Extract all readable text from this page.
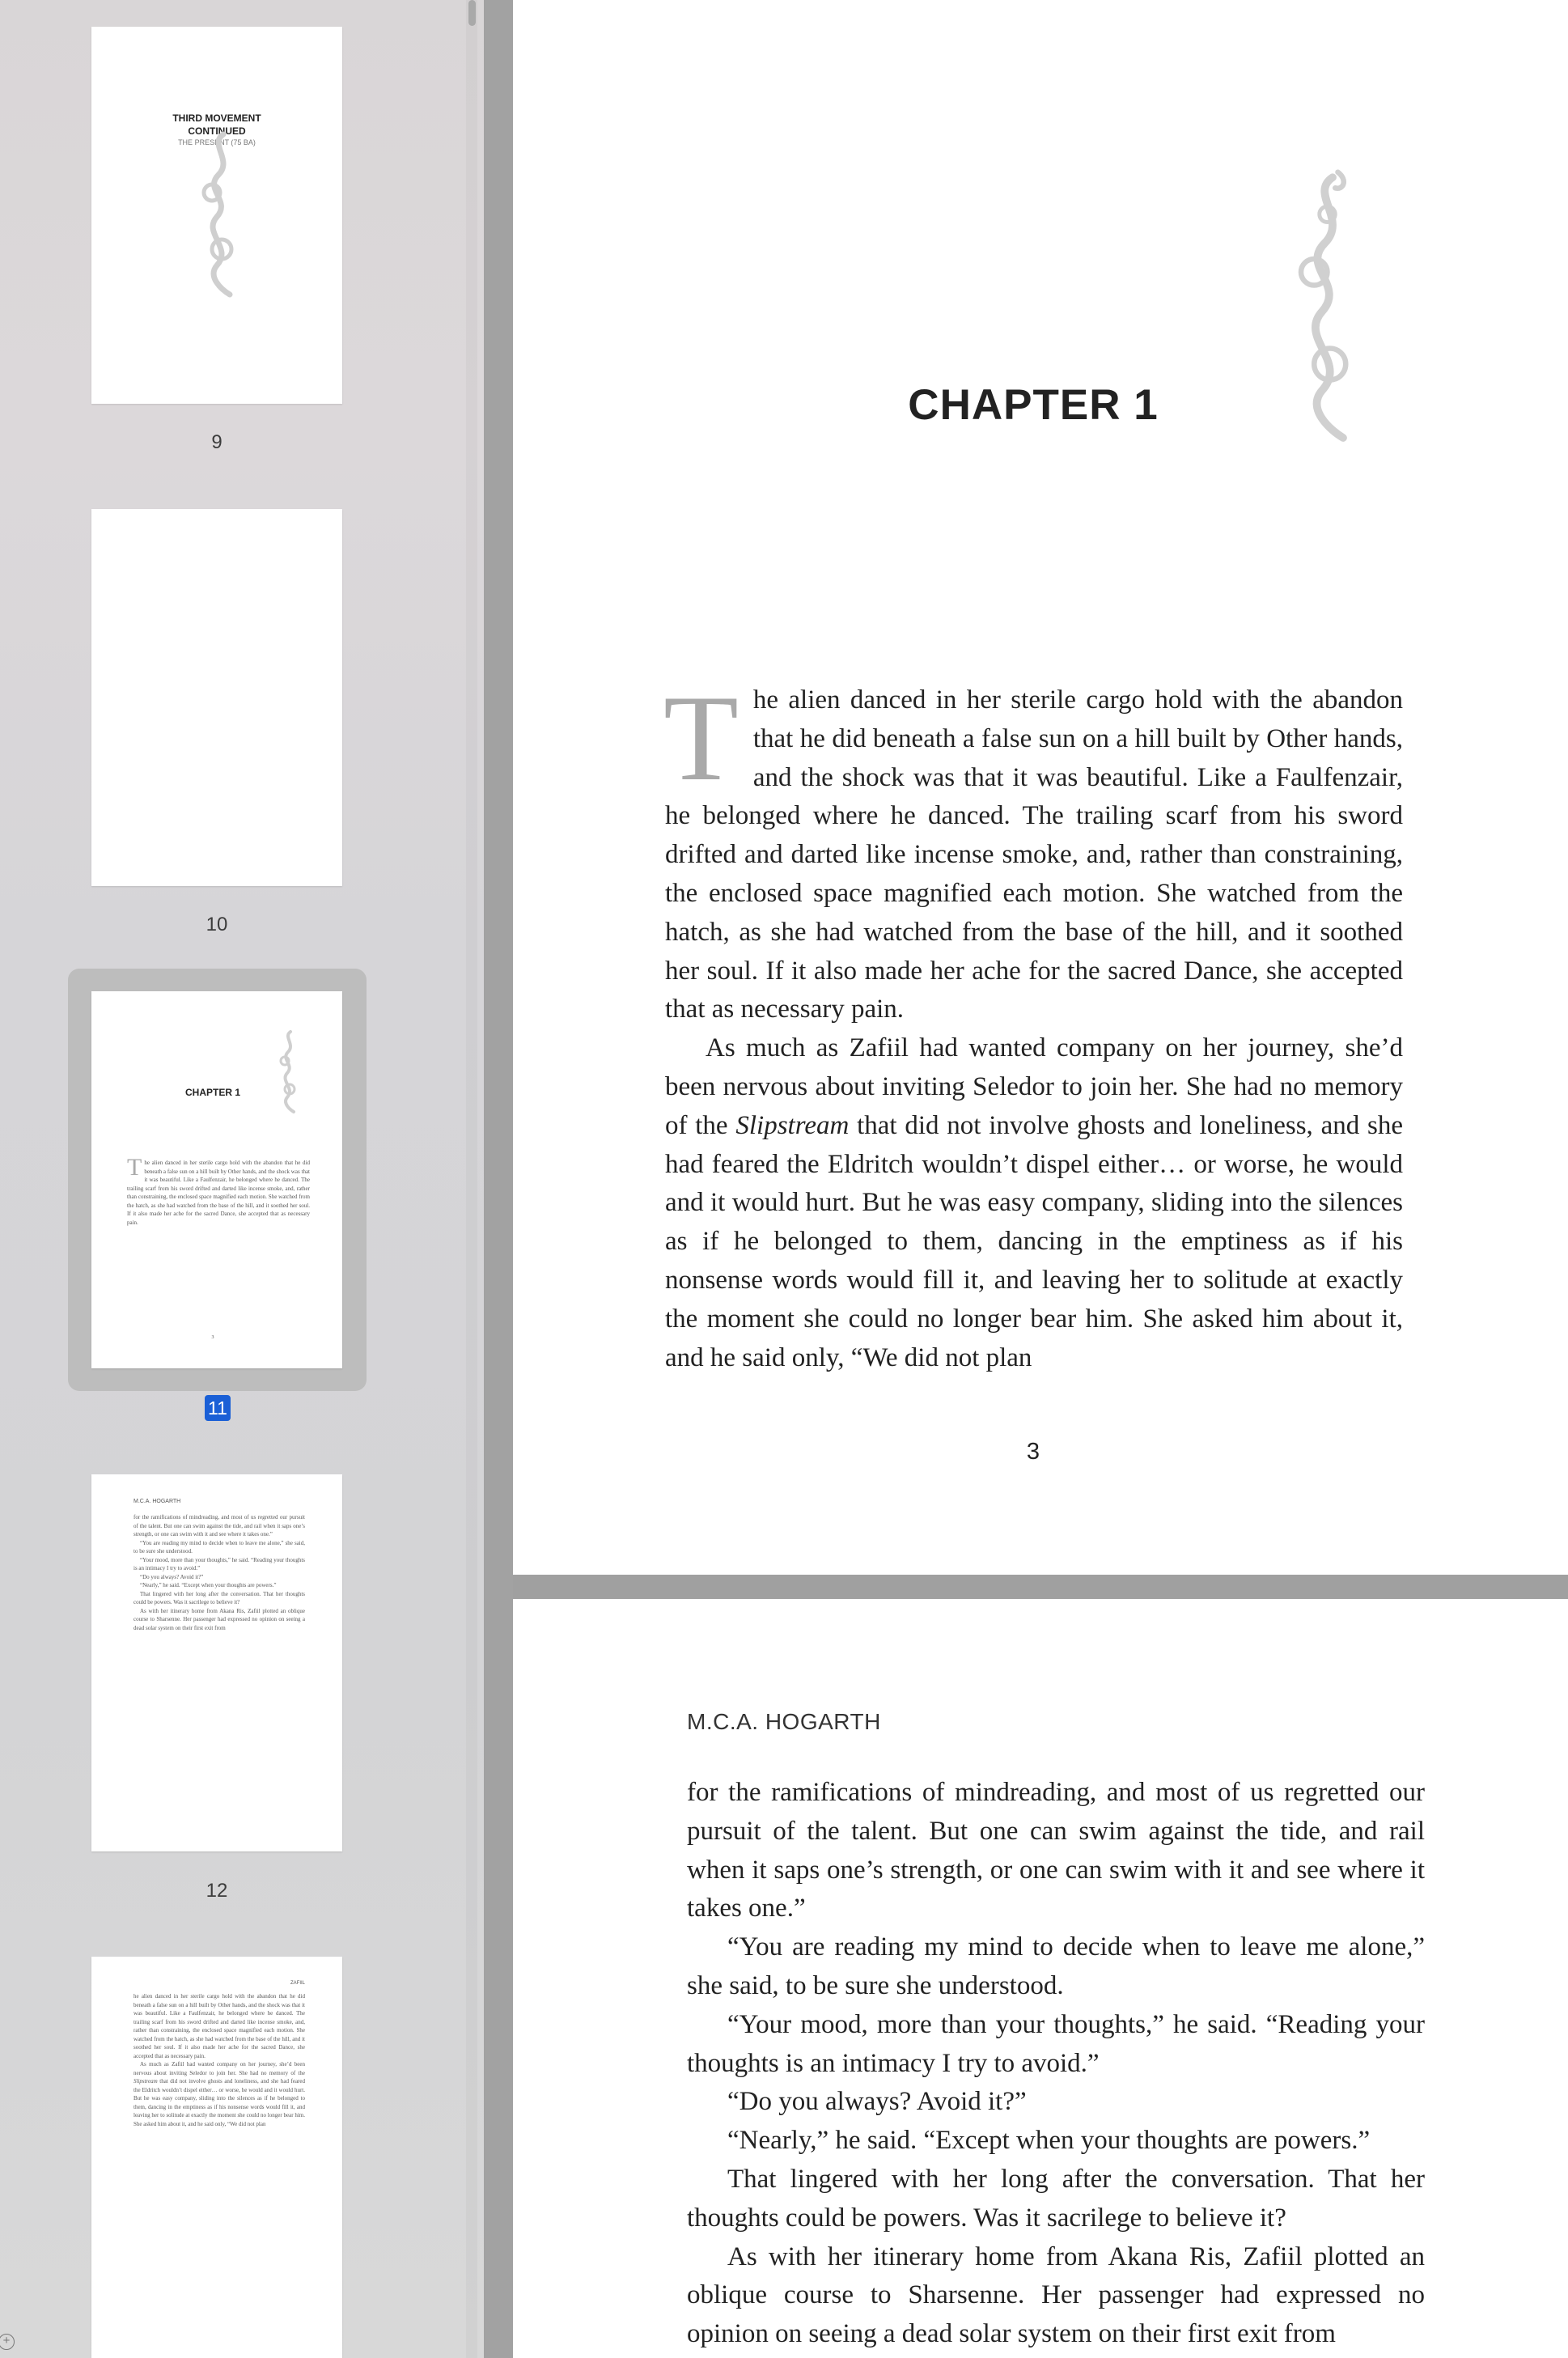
THIRD MOVEMENT
CONTINUED
THE PRESENT (75 BA)
9
10
CHAPTER 1
The alien danced in her sterile cargo hold with the abandon that he did beneath a false sun on a hill built by Other hands, and the shock was that it was beautiful. Like a Faulfenzair, he belonged where he danced. The trailing scarf from his sword drifted and darted like incense smoke, and, rather than constraining, the enclosed space magnified each motion. She watched from the hatch, as she had watched from the base of the hill, and it soothed her soul. If it also made her ache for the sacred Dance, she accepted that as necessary pain.
3
11
M.C.A. HOGARTH

for the ramifications of mindreading, and most of us regretted our pursuit of the talent. But one can swim against the tide, and rail when it saps one’s strength, or one can swim with it and see where it takes one.”

“You are reading my mind to decide when to leave me alone,” she said, to be sure she understood.

“Your mood, more than your thoughts,” he said. “Reading your thoughts is an intimacy I try to avoid.”

“Do you always? Avoid it?”

“Nearly,” he said. “Except when your thoughts are powers.”

That lingered with her long after the conversation. That her thoughts could be powers. Was it sacrilege to believe it?

As with her itinerary home from Akana Ris, Zafiil plotted an oblique course to Sharsenne. Her passenger had expressed no opinion on seeing a dead solar system on their first exit from

12
ZAFIIL

he alien danced in her sterile cargo hold with the abandon that he did beneath a false sun on a hill built by Other hands, and the shock was that it was beautiful. Like a Faulfenzair, he belonged where he danced. The trailing scarf from his sword drifted and darted like incense smoke, and, rather than constraining, the enclosed space magnified each motion. She watched from the hatch, as she had watched from the base of the hill, and it soothed her soul. If it also made her ache for the sacred Dance, she accepted that as necessary pain.

As much as Zafiil had wanted company on her journey, she’d been nervous about inviting Seledor to join her. She had no memory of the Slipstream that did not involve ghosts and loneliness, and she had feared the Eldritch wouldn’t dispel either… or worse, he would and it would hurt. But he was easy company, sliding into the silences as if he belonged to them, dancing in the emptiness as if his nonsense words would fill it, and leaving her to solitude at exactly the moment she could no longer bear him. She asked him about it, and he said only, “We did not plan

+
CHAPTER 1

The alien danced in her sterile cargo hold with the abandon that he did beneath a false sun on a hill built by Other hands, and the shock was that it was beautiful. Like a Faulfenzair, he belonged where he danced. The trailing scarf from his sword drifted and darted like incense smoke, and, rather than constraining, the enclosed space magnified each motion. She watched from the hatch, as she had watched from the base of the hill, and it soothed her soul. If it also made her ache for the sacred Dance, she accepted that as necessary pain.

As much as Zafiil had wanted company on her journey, she’d been nervous about inviting Seledor to join her. She had no memory of the Slipstream that did not involve ghosts and loneliness, and she had feared the Eldritch wouldn’t dispel either… or worse, he would and it would hurt. But he was easy company, sliding into the silences as if he belonged to them, dancing in the emptiness as if his nonsense words would fill it, and leaving her to solitude at exactly the moment she could no longer bear him. She asked him about it, and he said only, “We did not plan

3
M.C.A. HOGARTH

for the ramifications of mindreading, and most of us regretted our pursuit of the talent. But one can swim against the tide, and rail when it saps one’s strength, or one can swim with it and see where it takes one.”

“You are reading my mind to decide when to leave me alone,” she said, to be sure she understood.

“Your mood, more than your thoughts,” he said. “Reading your thoughts is an intimacy I try to avoid.”

“Do you always? Avoid it?”

“Nearly,” he said. “Except when your thoughts are powers.”

That lingered with her long after the conversation. That her thoughts could be powers. Was it sacrilege to believe it?

As with her itinerary home from Akana Ris, Zafiil plotted an oblique course to Sharsenne. Her passenger had expressed no opinion on seeing a dead solar system on their first exit from
